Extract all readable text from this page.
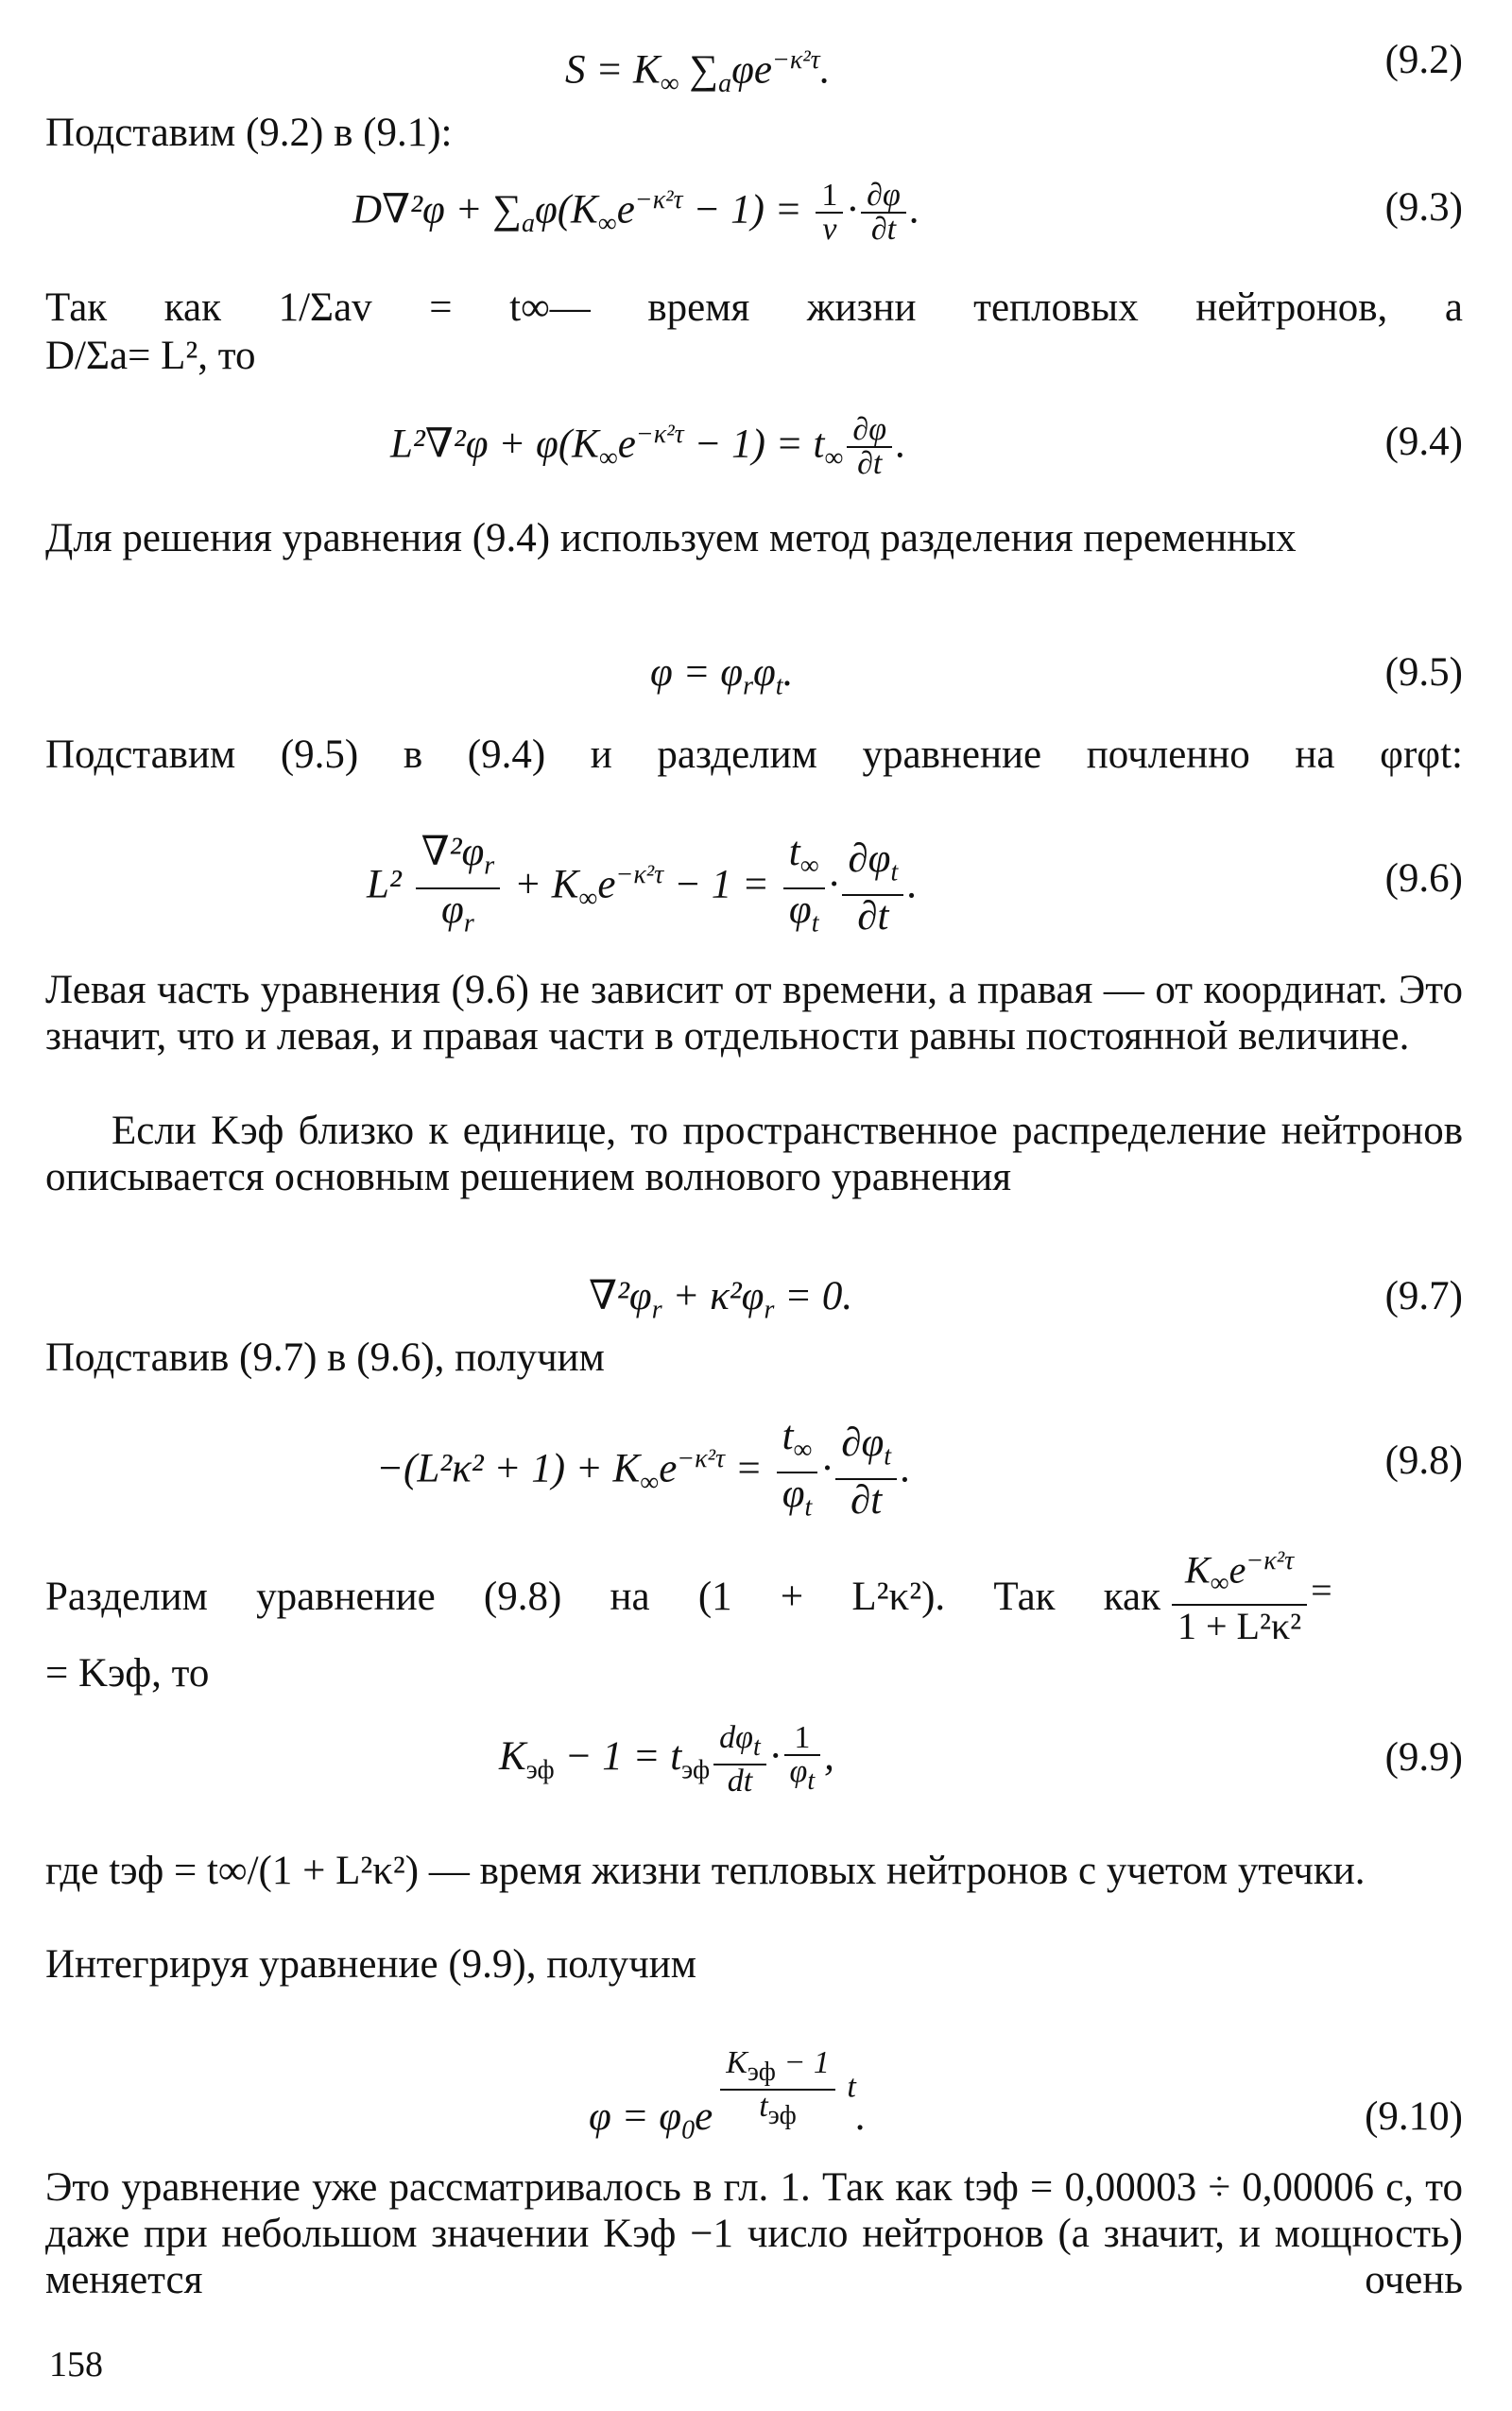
$S = K_\infty$ $\sum_a\varphi e^{-\kappa^2\tau}$.	(9.2)
Подставим (9.2) в (9.1):
$D\nabla^2\varphi + \sum_a\varphi(K_\infty e^{-\kappa^2\tau} - 1) = \frac{1}{v} \cdot \frac{\partial\varphi}{\partial t}$ .	(9.3)
Так как 1/Σav = t∞— время жизни тепловых нейтронов, а
D/Σa= L², то
$L^2\nabla^2\varphi + \varphi(K_\infty e^{-\kappa^2\tau} - 1) = t_\infty \frac{\partial\varphi}{\partial t}$ .	(9.4)
Для решения уравнения (9.4) используем метод разделения переменных
$\varphi = \varphi_r\varphi_t$.	(9.5)
Подставим (9.5) в (9.4) и разделим уравнение почленно на φrφt:
$L^2 \frac{\nabla^2\varphi_r}{\varphi_r} + K_\infty e^{-\kappa^2\tau} - 1 = \frac{t_\infty}{\varphi_t} \cdot \frac{\partial\varphi_t}{\partial t}$ .	(9.6)
Левая часть уравнения (9.6) не зависит от времени, а правая — от координат. Это значит, что и левая, и правая части в отдельности равны постоянной величине.
Если Kэф близко к единице, то пространственное распределение нейтронов описывается основным решением волнового уравнения
$\nabla^2\varphi_r + \kappa^2\varphi_r = 0$.	(9.7)
Подставив (9.7) в (9.6), получим
$-(L^2\kappa^2 + 1) + K_\infty e^{-\kappa^2\tau} = \frac{t_\infty}{\varphi_t} \cdot \frac{\partial\varphi_t}{\partial t}$ .	(9.8)
Разделим уравнение (9.8) на (1 + L²κ²). Так как $\frac{K_\infty e^{-\kappa^2\tau}}{\text{1 + L²κ²}}$ =
= Kэф, то
$K_{эф} - 1 = t_{эф} \frac{d\varphi_t}{dt} \cdot \frac{1}{\varphi_t}$ ,	(9.9)
где tэф = t∞/(1 + L²κ²) — время жизни тепловых нейтронов с учетом утечки.
Интегрируя уравнение (9.9), получим
$\varphi = \varphi_0e \frac{K_{эф} - 1}{t_{эф}} t$.	(9.10)
Это уравнение уже рассматривалось в гл. 1. Так как tэф = 0,00003 ÷ 0,00006 с, то даже при небольшом значении Kэф −1 число нейтронов (а значит, и мощность) меняется очень
158
